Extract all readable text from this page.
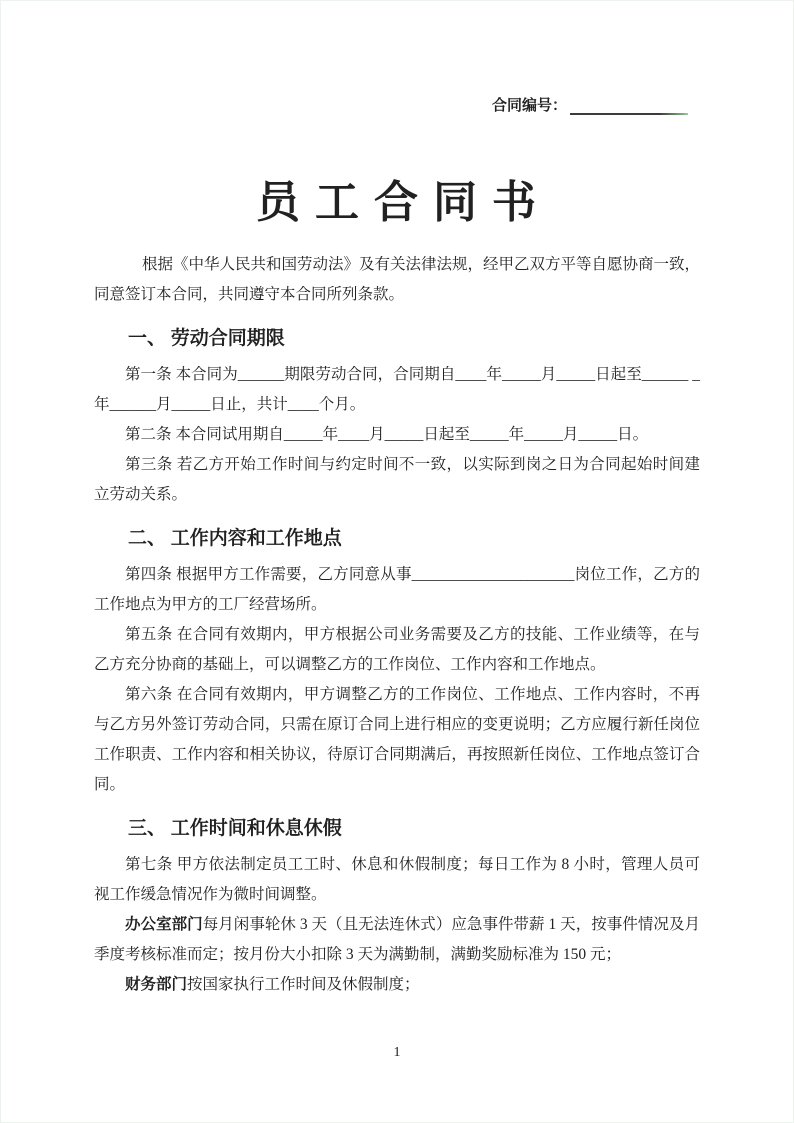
合同编号：
员 工 合 同 书

根据《中华人民共和国劳动法》及有关法律法规，经甲乙双方平等自愿协商一致，同意签订本合同，共同遵守本合同所列条款。

一、 劳动合同期限

第一条 本合同为______期限劳动合同，合同期自____年_____月_____日起至______ _年______月_____日止，共计____个月。

第二条 本合同试用期自_____年____月_____日起至_____年_____月_____日。

第三条 若乙方开始工作时间与约定时间不一致，以实际到岗之日为合同起始时间建立劳动关系。

二、 工作内容和工作地点

第四条 根据甲方工作需要，乙方同意从事_____________________岗位工作，乙方的工作地点为甲方的工厂经营场所。

第五条 在合同有效期内，甲方根据公司业务需要及乙方的技能、工作业绩等，在与乙方充分协商的基础上，可以调整乙方的工作岗位、工作内容和工作地点。

第六条 在合同有效期内，甲方调整乙方的工作岗位、工作地点、工作内容时，不再与乙方另外签订劳动合同，只需在原订合同上进行相应的变更说明；乙方应履行新任岗位工作职责、工作内容和相关协议，待原订合同期满后，再按照新任岗位、工作地点签订合同。

三、 工作时间和休息休假

第七条 甲方依法制定员工工时、休息和休假制度；每日工作为 8 小时，管理人员可视工作缓急情况作为微时间调整。

办公室部门每月闲事轮休 3 天（且无法连休式）应急事件带薪 1 天，按事件情况及月季度考核标准而定；按月份大小扣除 3 天为满勤制，满勤奖励标准为 150 元；

财务部门按国家执行工作时间及休假制度；

1
